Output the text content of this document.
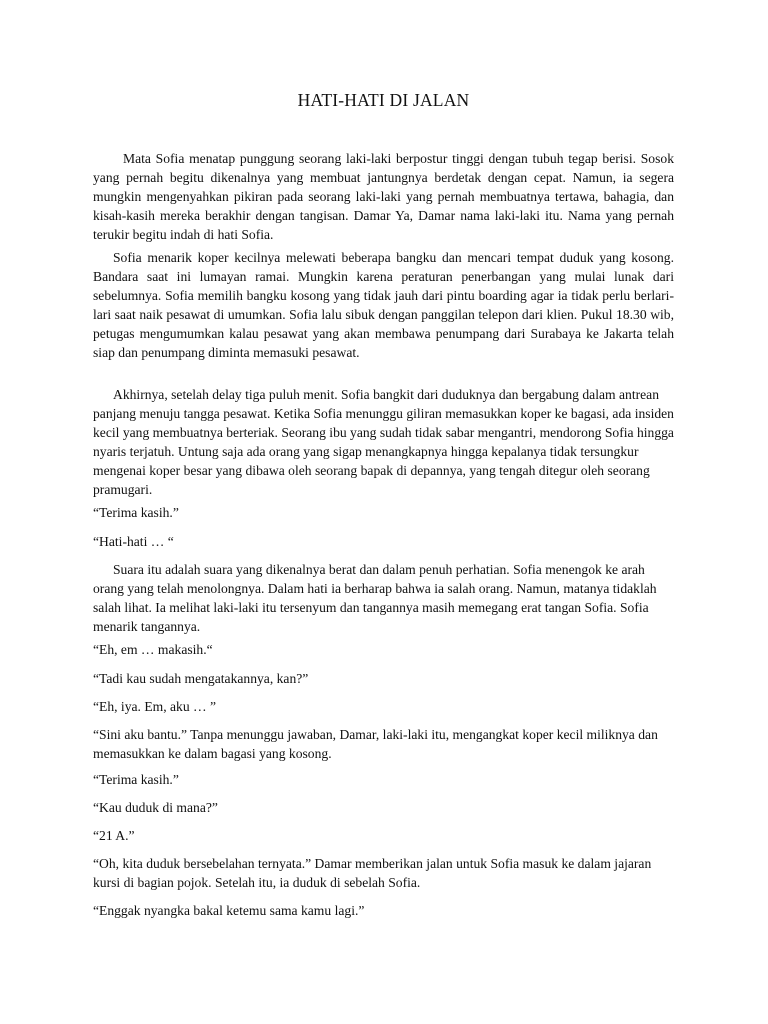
HATI-HATI DI JALAN

Mata Sofia menatap punggung seorang laki-laki berpostur tinggi dengan tubuh tegap berisi. Sosok yang pernah begitu dikenalnya yang membuat jantungnya berdetak dengan cepat. Namun, ia segera mungkin mengenyahkan pikiran pada seorang laki-laki yang pernah membuatnya tertawa, bahagia, dan kisah-kasih mereka berakhir dengan tangisan. Damar Ya, Damar nama laki-laki itu. Nama yang pernah terukir begitu indah di hati Sofia.

Sofia menarik koper kecilnya melewati beberapa bangku dan mencari tempat duduk yang kosong. Bandara saat ini lumayan ramai. Mungkin karena peraturan penerbangan yang mulai lunak dari sebelumnya. Sofia memilih bangku kosong yang tidak jauh dari pintu boarding agar ia tidak perlu berlari-lari saat naik pesawat di umumkan. Sofia lalu sibuk dengan panggilan telepon dari klien. Pukul 18.30 wib, petugas mengumumkan kalau pesawat yang akan membawa penumpang dari Surabaya ke Jakarta telah siap dan penumpang diminta memasuki pesawat.

Akhirnya, setelah delay tiga puluh menit. Sofia bangkit dari duduknya dan bergabung dalam antrean panjang menuju tangga pesawat. Ketika Sofia menunggu giliran memasukkan koper ke bagasi, ada insiden kecil yang membuatnya berteriak. Seorang ibu yang sudah tidak sabar mengantri, mendorong Sofia hingga nyaris terjatuh. Untung saja ada orang yang sigap menangkapnya hingga kepalanya tidak tersungkur mengenai koper besar yang dibawa oleh seorang bapak di depannya, yang tengah ditegur oleh seorang pramugari.

“Terima kasih.”

“Hati-hati … “

Suara itu adalah suara yang dikenalnya berat dan dalam penuh perhatian. Sofia menengok ke arah orang yang telah menolongnya. Dalam hati ia berharap bahwa ia salah orang. Namun, matanya tidaklah salah lihat. Ia melihat laki-laki itu tersenyum dan tangannya masih memegang erat tangan Sofia. Sofia menarik tangannya.

“Eh, em … makasih.“

“Tadi kau sudah mengatakannya, kan?”

“Eh, iya. Em, aku … ”

“Sini aku bantu.” Tanpa menunggu jawaban, Damar, laki-laki itu, mengangkat koper kecil miliknya dan memasukkan ke dalam bagasi yang kosong.

“Terima kasih.”

“Kau duduk di mana?”

“21 A.”

“Oh, kita duduk bersebelahan ternyata.” Damar memberikan jalan untuk Sofia masuk ke dalam jajaran kursi di bagian pojok. Setelah itu, ia duduk di sebelah Sofia.

“Enggak nyangka bakal ketemu sama kamu lagi.”
